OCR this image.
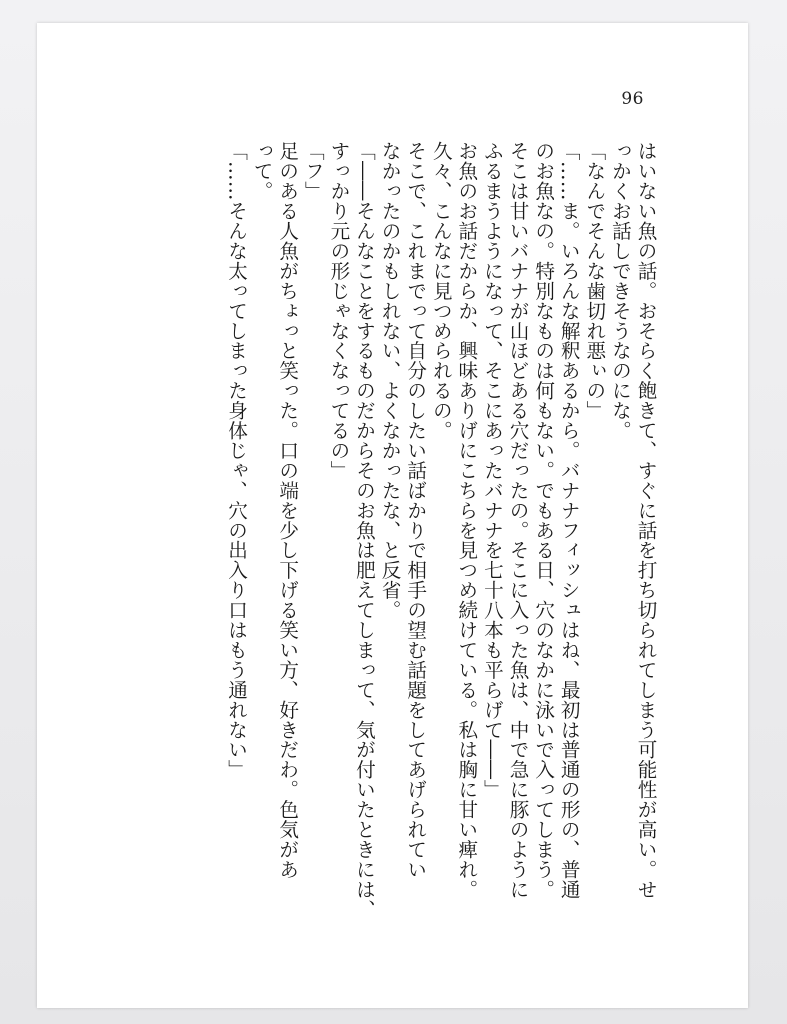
96

はいない魚の話。おそらく飽きて、すぐに話を打ち切られてしまう可能性が高い。せ

っかくお話しできそうなのにな。

「なんでそんな歯切れ悪ぃの」

「……ま。いろんな解釈あるから。バナナフィッシュはね、最初は普通の形の、普通

のお魚なの。特別なものは何もない。でもある日、穴のなかに泳いで入ってしまう。

そこは甘いバナナが山ほどある穴だったの。そこに入った魚は、中で急に豚のように

ふるまうようになって、そこにあったバナナを七十八本も平らげて――」

お魚のお話だからか、興味ありげにこちらを見つめ続けている。私は胸に甘い痺れ。

久々、こんなに見つめられるの。

そこで、これまでって自分のしたい話ばかりで相手の望む話題をしてあげられてい

なかったのかもしれない、よくなかったな、と反省。

「――そんなことをするものだからそのお魚は肥えてしまって、気が付いたときには、

すっかり元の形じゃなくなってるの」

「フ」

足のある人魚がちょっと笑った。口の端を少し下げる笑い方、好きだわ。色気があ

って。

「……そんな太ってしまった身体じゃ、穴の出入り口はもう通れない」
